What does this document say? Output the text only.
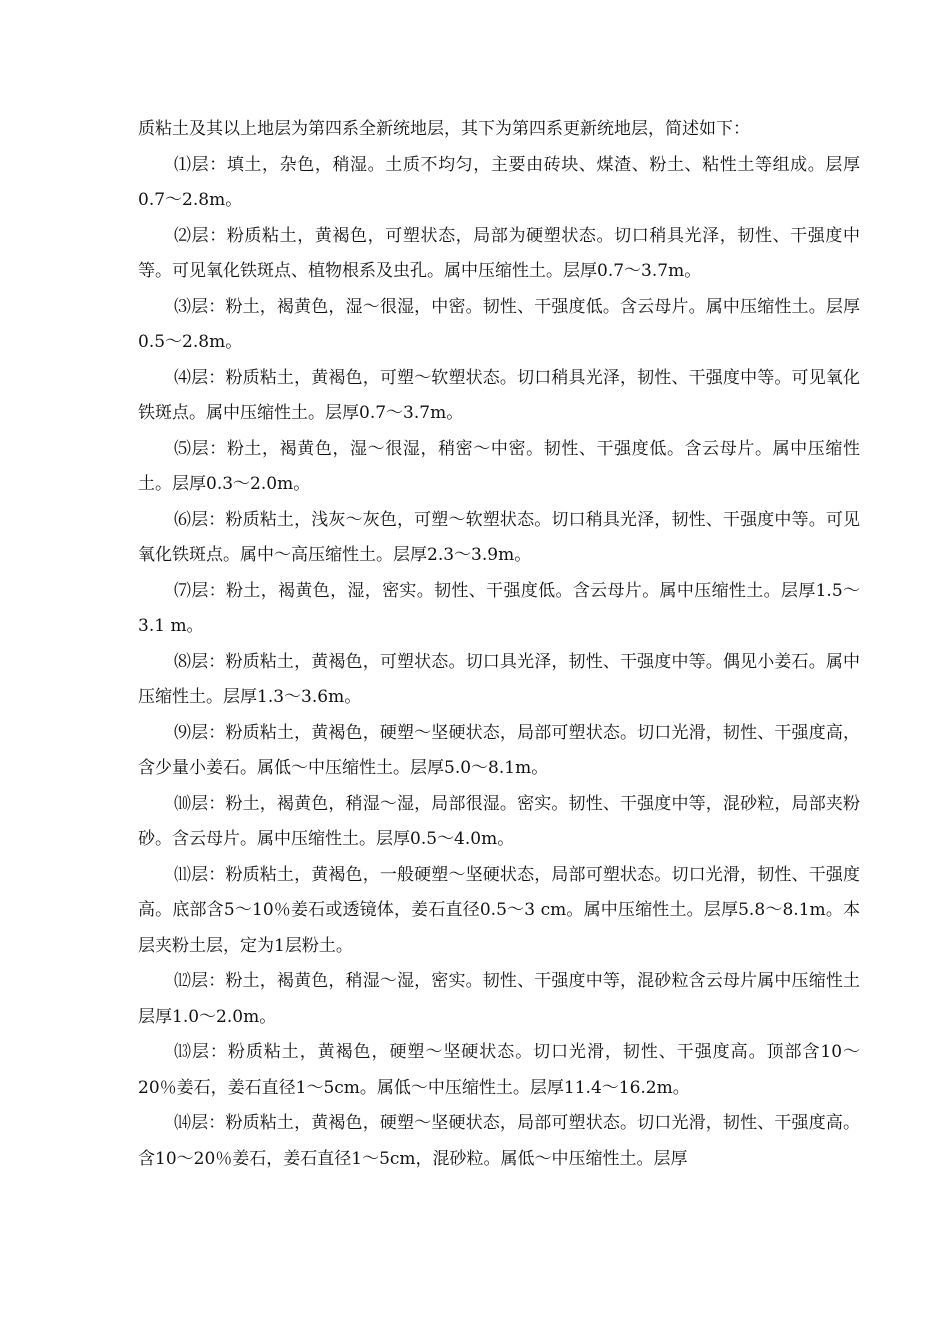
质粘土及其以上地层为第四系全新统地层，其下为第四系更新统地层，简述如下：

⑴层：填土，杂色，稍湿。土质不均匀，主要由砖块、煤渣、粉土、粘性土等组成。层厚0.7～2.8m。

⑵层：粉质粘土，黄褐色，可塑状态，局部为硬塑状态。切口稍具光泽，韧性、干强度中等。可见氧化铁斑点、植物根系及虫孔。属中压缩性土。层厚0.7～3.7m。

⑶层：粉土，褐黄色，湿～很湿，中密。韧性、干强度低。含云母片。属中压缩性土。层厚0.5～2.8m。

⑷层：粉质粘土，黄褐色，可塑～软塑状态。切口稍具光泽，韧性、干强度中等。可见氧化铁斑点。属中压缩性土。层厚0.7～3.7m。

⑸层：粉土，褐黄色，湿～很湿，稍密～中密。韧性、干强度低。含云母片。属中压缩性土。层厚0.3～2.0m。

⑹层：粉质粘土，浅灰～灰色，可塑～软塑状态。切口稍具光泽，韧性、干强度中等。可见氧化铁斑点。属中～高压缩性土。层厚2.3～3.9m。

⑺层：粉土，褐黄色，湿，密实。韧性、干强度低。含云母片。属中压缩性土。层厚1.5～3.1 m。

⑻层：粉质粘土，黄褐色，可塑状态。切口具光泽，韧性、干强度中等。偶见小姜石。属中压缩性土。层厚1.3～3.6m。

⑼层：粉质粘土，黄褐色，硬塑～坚硬状态，局部可塑状态。切口光滑，韧性、干强度高，含少量小姜石。属低～中压缩性土。层厚5.0～8.1m。

⑽层：粉土，褐黄色，稍湿～湿，局部很湿。密实。韧性、干强度中等，混砂粒，局部夹粉砂。含云母片。属中压缩性土。层厚0.5～4.0m。

⑾层：粉质粘土，黄褐色，一般硬塑～坚硬状态，局部可塑状态。切口光滑，韧性、干强度高。底部含5～10％姜石或透镜体，姜石直径0.5～3 cm。属中压缩性土。层厚5.8～8.1m。本层夹粉土层，定为1层粉土。

⑿层：粉土，褐黄色，稍湿～湿，密实。韧性、干强度中等，混砂粒含云母片属中压缩性土层厚1.0～2.0m。

⒀层：粉质粘土，黄褐色，硬塑～坚硬状态。切口光滑，韧性、干强度高。顶部含10～20％姜石，姜石直径1～5cm。属低～中压缩性土。层厚11.4～16.2m。

⒁层：粉质粘土，黄褐色，硬塑～坚硬状态，局部可塑状态。切口光滑，韧性、干强度高。含10～20％姜石，姜石直径1～5cm，混砂粒。属低～中压缩性土。层厚
